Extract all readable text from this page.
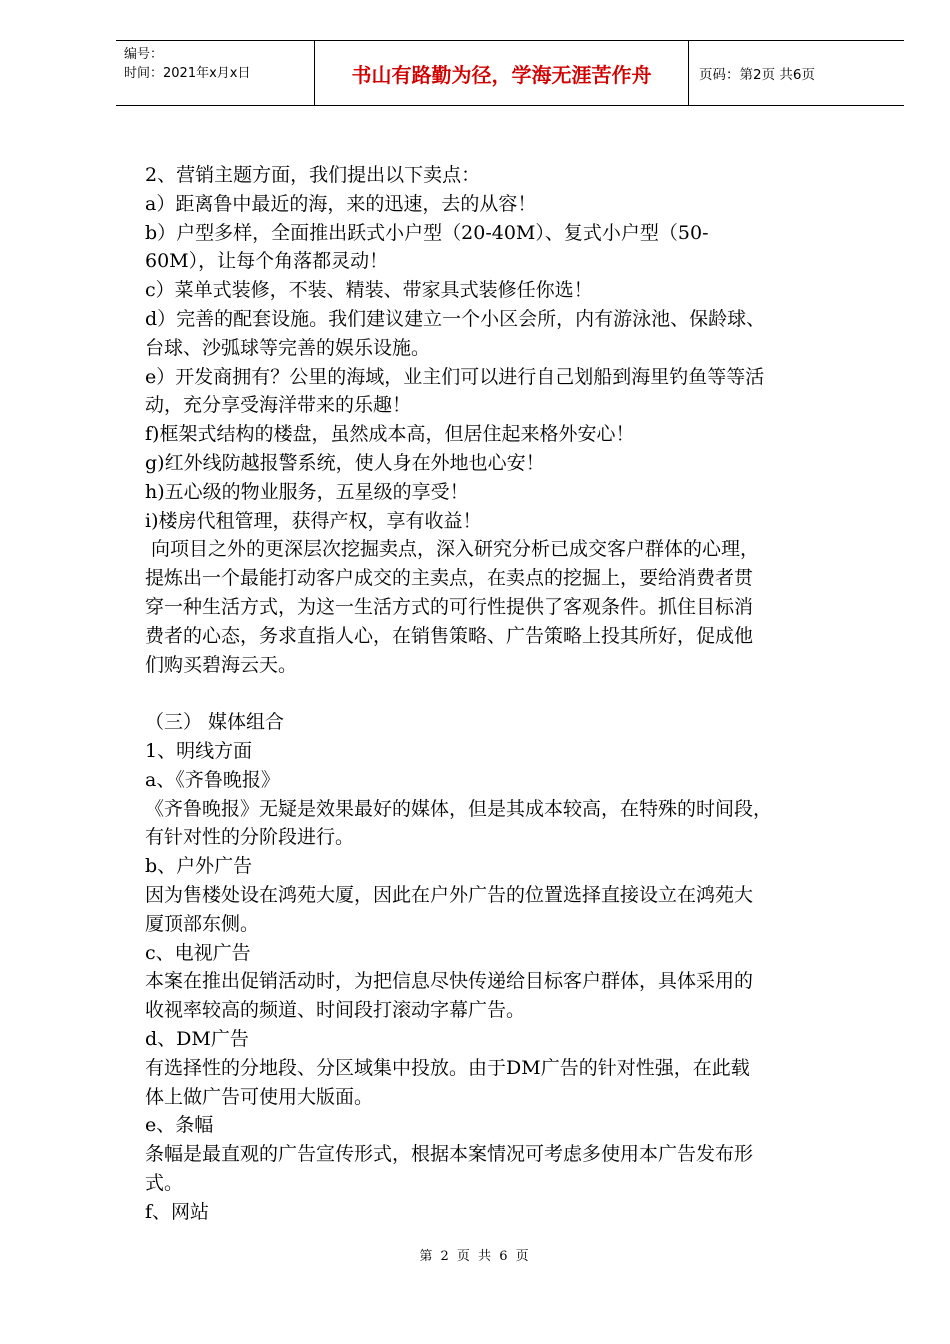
编号：
时间：2021年x月x日	书山有路勤为径，学海无涯苦作舟	页码：第2页 共6页

2、营销主题方面，我们提出以下卖点：

a）距离鲁中最近的海，来的迅速，去的从容！

b）户型多样，全面推出跃式小户型（20-40M）、复式小户型（50-

60M），让每个角落都灵动！

c）菜单式装修，不装、精装、带家具式装修任你选！

d）完善的配套设施。我们建议建立一个小区会所，内有游泳池、保龄球、

台球、沙弧球等完善的娱乐设施。

e）开发商拥有？公里的海域，业主们可以进行自己划船到海里钓鱼等等活

动，充分享受海洋带来的乐趣！

f)框架式结构的楼盘，虽然成本高，但居住起来格外安心！

g)红外线防越报警系统，使人身在外地也心安！

h)五心级的物业服务，五星级的享受！

i)楼房代租管理，获得产权，享有收益！

向项目之外的更深层次挖掘卖点，深入研究分析已成交客户群体的心理，

提炼出一个最能打动客户成交的主卖点，在卖点的挖掘上，要给消费者贯

穿一种生活方式，为这一生活方式的可行性提供了客观条件。抓住目标消

费者的心态，务求直指人心，在销售策略、广告策略上投其所好，促成他

们购买碧海云天。

（三） 媒体组合

1、明线方面

a、《齐鲁晚报》

《齐鲁晚报》无疑是效果最好的媒体，但是其成本较高，在特殊的时间段，

有针对性的分阶段进行。

b、户外广告

因为售楼处设在鸿苑大厦，因此在户外广告的位置选择直接设立在鸿苑大

厦顶部东侧。

c、电视广告

本案在推出促销活动时，为把信息尽快传递给目标客户群体，具体采用的

收视率较高的频道、时间段打滚动字幕广告。

d、DM广告

有选择性的分地段、分区域集中投放。由于DM广告的针对性强，在此载

体上做广告可使用大版面。

e、条幅

条幅是最直观的广告宣传形式，根据本案情况可考虑多使用本广告发布形

式。

f、网站

第 2 页 共 6 页
